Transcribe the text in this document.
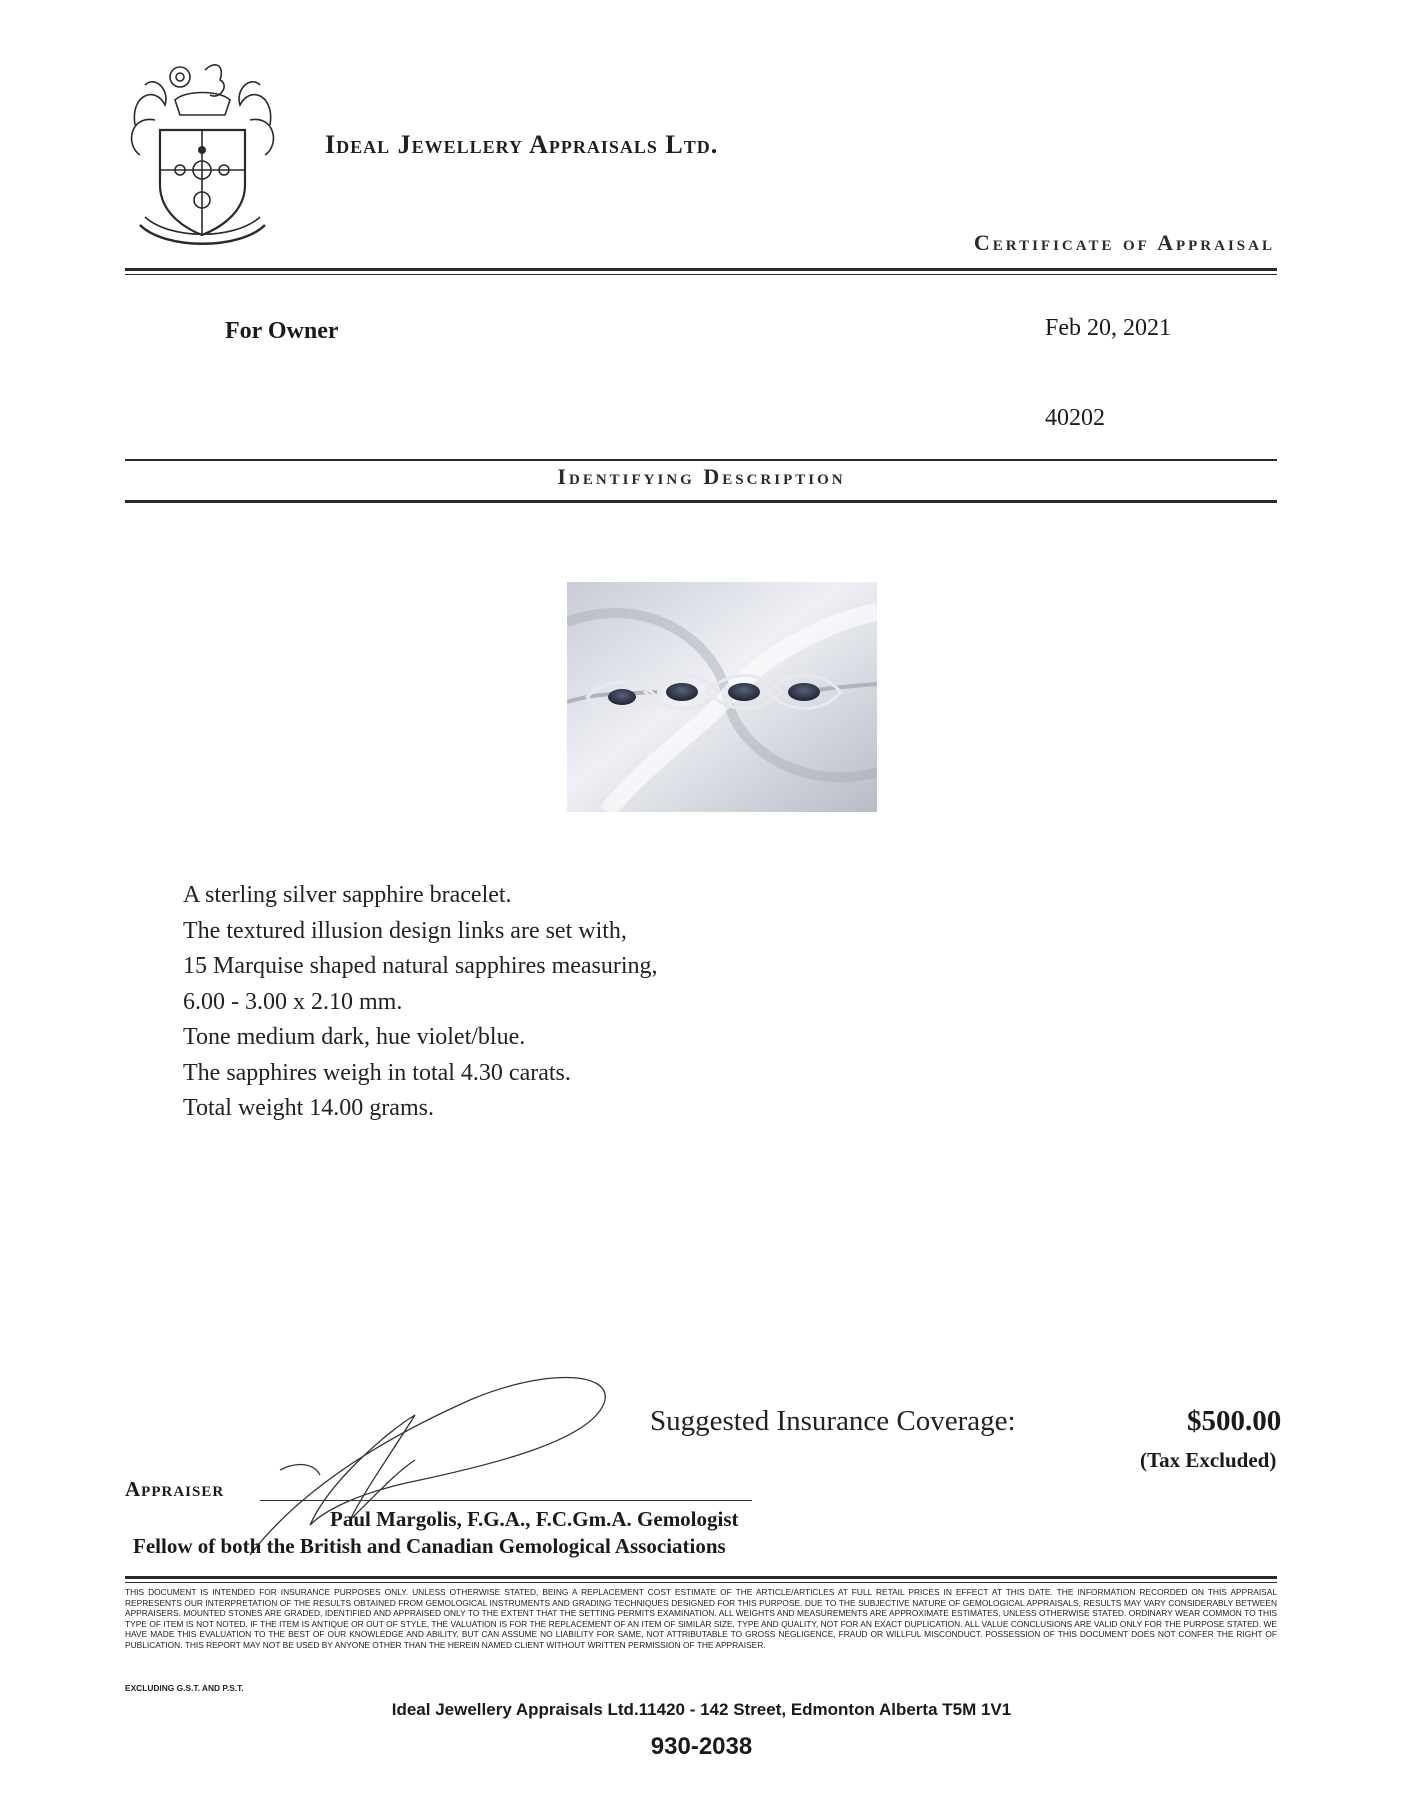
Ideal Jewellery Appraisals Ltd.
Certificate of Appraisal
For Owner	Feb 20, 2021
40202
Identifying Description
A sterling silver sapphire bracelet.
The textured illusion design links are set with,
15 Marquise shaped natural sapphires measuring,
6.00 - 3.00 x 2.10 mm.
Tone medium dark, hue violet/blue.
The sapphires weigh in total 4.30 carats.
Total weight 14.00 grams.
Suggested Insurance Coverage:	$500.00
(Tax Excluded)
Appraiser
Paul Margolis, F.G.A., F.C.Gm.A. Gemologist
Fellow of both the British and Canadian Gemological Associations
THIS DOCUMENT IS INTENDED FOR INSURANCE PURPOSES ONLY. UNLESS OTHERWISE STATED, BEING A REPLACEMENT COST ESTIMATE OF THE ARTICLE/ARTICLES AT FULL RETAIL PRICES IN EFFECT AT THIS DATE. THE INFORMATION RECORDED ON THIS APPRAISAL REPRESENTS OUR INTERPRETATION OF THE RESULTS OBTAINED FROM GEMOLOGICAL INSTRUMENTS AND GRADING TECHNIQUES DESIGNED FOR THIS PURPOSE. DUE TO THE SUBJECTIVE NATURE OF GEMOLOGICAL APPRAISALS, RESULTS MAY VARY CONSIDERABLY BETWEEN APPRAISERS. MOUNTED STONES ARE GRADED, IDENTIFIED AND APPRAISED ONLY TO THE EXTENT THAT THE SETTING PERMITS EXAMINATION. ALL WEIGHTS AND MEASUREMENTS ARE APPROXIMATE ESTIMATES, UNLESS OTHERWISE STATED. ORDINARY WEAR COMMON TO THIS TYPE OF ITEM IS NOT NOTED. IF THE ITEM IS ANTIQUE OR OUT OF STYLE, THE VALUATION IS FOR THE REPLACEMENT OF AN ITEM OF SIMILAR SIZE, TYPE AND QUALITY, NOT FOR AN EXACT DUPLICATION. ALL VALUE CONCLUSIONS ARE VALID ONLY FOR THE PURPOSE STATED. WE HAVE MADE THIS EVALUATION TO THE BEST OF OUR KNOWLEDGE AND ABILITY, BUT CAN ASSUME NO LIABILITY FOR SAME, NOT ATTRIBUTABLE TO GROSS NEGLIGENCE, FRAUD OR WILLFUL MISCONDUCT. POSSESSION OF THIS DOCUMENT DOES NOT CONFER THE RIGHT OF PUBLICATION. THIS REPORT MAY NOT BE USED BY ANYONE OTHER THAN THE HEREIN NAMED CLIENT WITHOUT WRITTEN PERMISSION OF THE APPRAISER.
EXCLUDING G.S.T. AND P.S.T.
Ideal Jewellery Appraisals Ltd.11420 - 142 Street, Edmonton Alberta T5M 1V1
930-2038
